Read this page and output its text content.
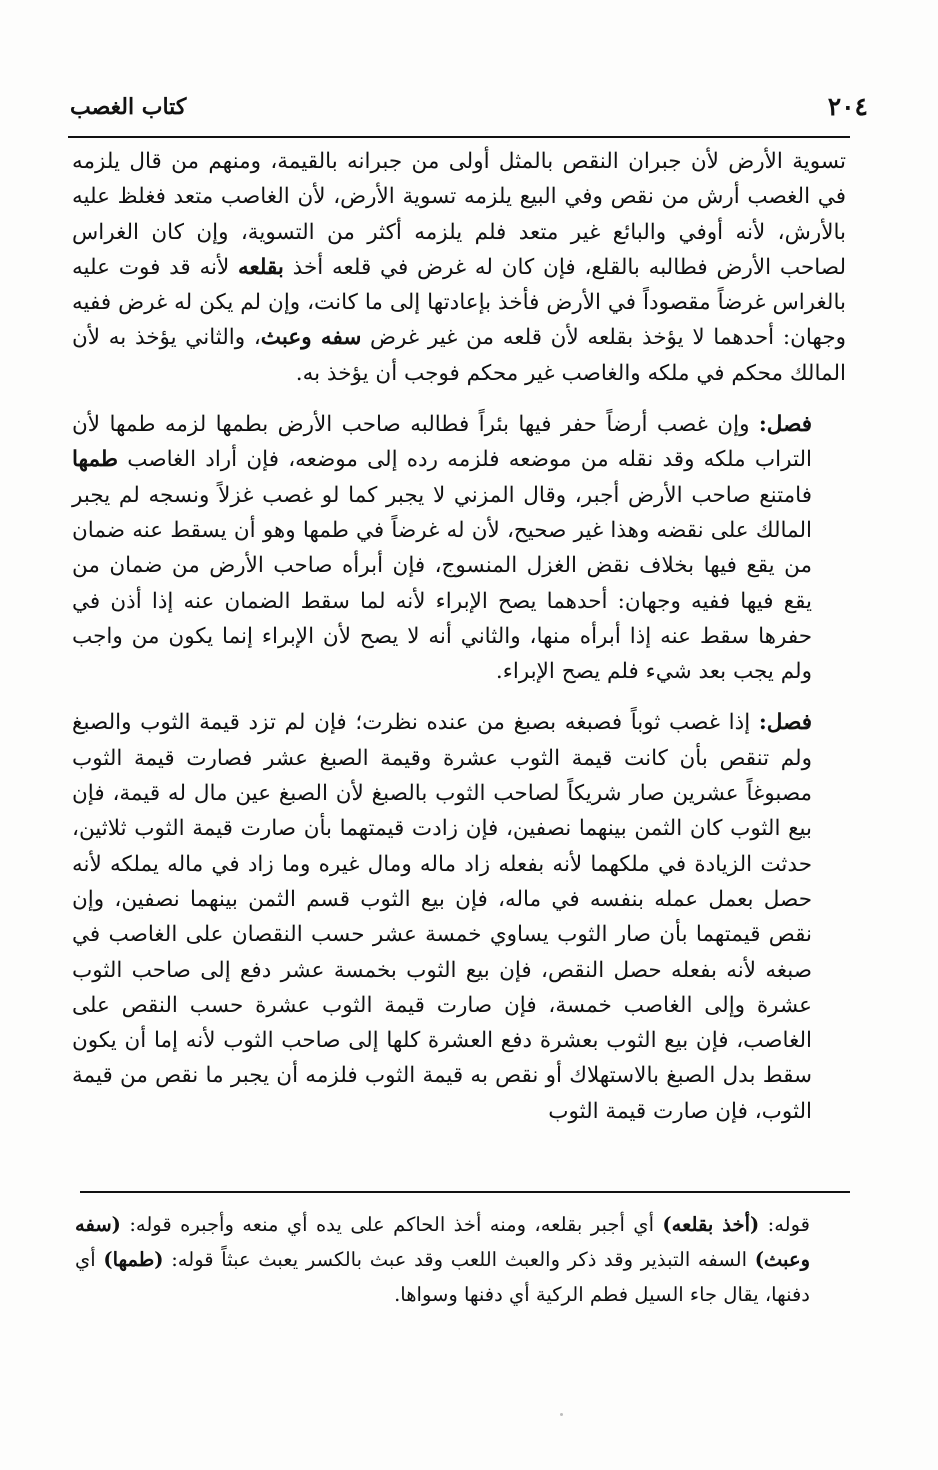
٢٠٤
كتاب الغصب

تسوية الأرض لأن جبران النقص بالمثل أولى من جبرانه بالقيمة، ومنهم من قال يلزمه في الغصب أرش من نقص وفي البيع يلزمه تسوية الأرض، لأن الغاصب متعد فغلظ عليه بالأرش، لأنه أوفي والبائع غير متعد فلم يلزمه أكثر من التسوية، وإن كان الغراس لصاحب الأرض فطالبه بالقلع، فإن كان له غرض في قلعه أخذ بقلعه لأنه قد فوت عليه بالغراس غرضاً مقصوداً في الأرض فأخذ بإعادتها إلى ما كانت، وإن لم يكن له غرض ففيه وجهان: أحدهما لا يؤخذ بقلعه لأن قلعه من غير غرض سفه وعبث، والثاني يؤخذ به لأن المالك محكم في ملكه والغاصب غير محكم فوجب أن يؤخذ به.

فصل: وإن غصب أرضاً حفر فيها بئراً فطالبه صاحب الأرض بطمها لزمه طمها لأن التراب ملكه وقد نقله من موضعه فلزمه رده إلى موضعه، فإن أراد الغاصب طمها فامتنع صاحب الأرض أجبر، وقال المزني لا يجبر كما لو غصب غزلاً ونسجه لم يجبر المالك على نقضه وهذا غير صحيح، لأن له غرضاً في طمها وهو أن يسقط عنه ضمان من يقع فيها بخلاف نقض الغزل المنسوج، فإن أبرأه صاحب الأرض من ضمان من يقع فيها ففيه وجهان: أحدهما يصح الإبراء لأنه لما سقط الضمان عنه إذا أذن في حفرها سقط عنه إذا أبرأه منها، والثاني أنه لا يصح لأن الإبراء إنما يكون من واجب ولم يجب بعد شيء فلم يصح الإبراء.

فصل: إذا غصب ثوباً فصبغه بصبغ من عنده نظرت؛ فإن لم تزد قيمة الثوب والصبغ ولم تنقص بأن كانت قيمة الثوب عشرة وقيمة الصبغ عشر فصارت قيمة الثوب مصبوغاً عشرين صار شريكاً لصاحب الثوب بالصبغ لأن الصبغ عين مال له قيمة، فإن بيع الثوب كان الثمن بينهما نصفين، فإن زادت قيمتهما بأن صارت قيمة الثوب ثلاثين، حدثت الزيادة في ملكهما لأنه بفعله زاد ماله ومال غيره وما زاد في ماله يملكه لأنه حصل بعمل عمله بنفسه في ماله، فإن بيع الثوب قسم الثمن بينهما نصفين، وإن نقص قيمتهما بأن صار الثوب يساوي خمسة عشر حسب النقصان على الغاصب في صبغه لأنه بفعله حصل النقص، فإن بيع الثوب بخمسة عشر دفع إلى صاحب الثوب عشرة وإلى الغاصب خمسة، فإن صارت قيمة الثوب عشرة حسب النقص على الغاصب، فإن بيع الثوب بعشرة دفع العشرة كلها إلى صاحب الثوب لأنه إما أن يكون سقط بدل الصبغ بالاستهلاك أو نقص به قيمة الثوب فلزمه أن يجبر ما نقص من قيمة الثوب، فإن صارت قيمة الثوب

قوله: (أخذ بقلعه) أي أجبر بقلعه، ومنه أخذ الحاكم على يده أي منعه وأجبره قوله: (سفه وعبث) السفه التبذير وقد ذكر والعبث اللعب وقد عبث بالكسر يعبث عبثاً قوله: (طمها) أي دفنها، يقال جاء السيل فطم الركية أي دفنها وسواها.
